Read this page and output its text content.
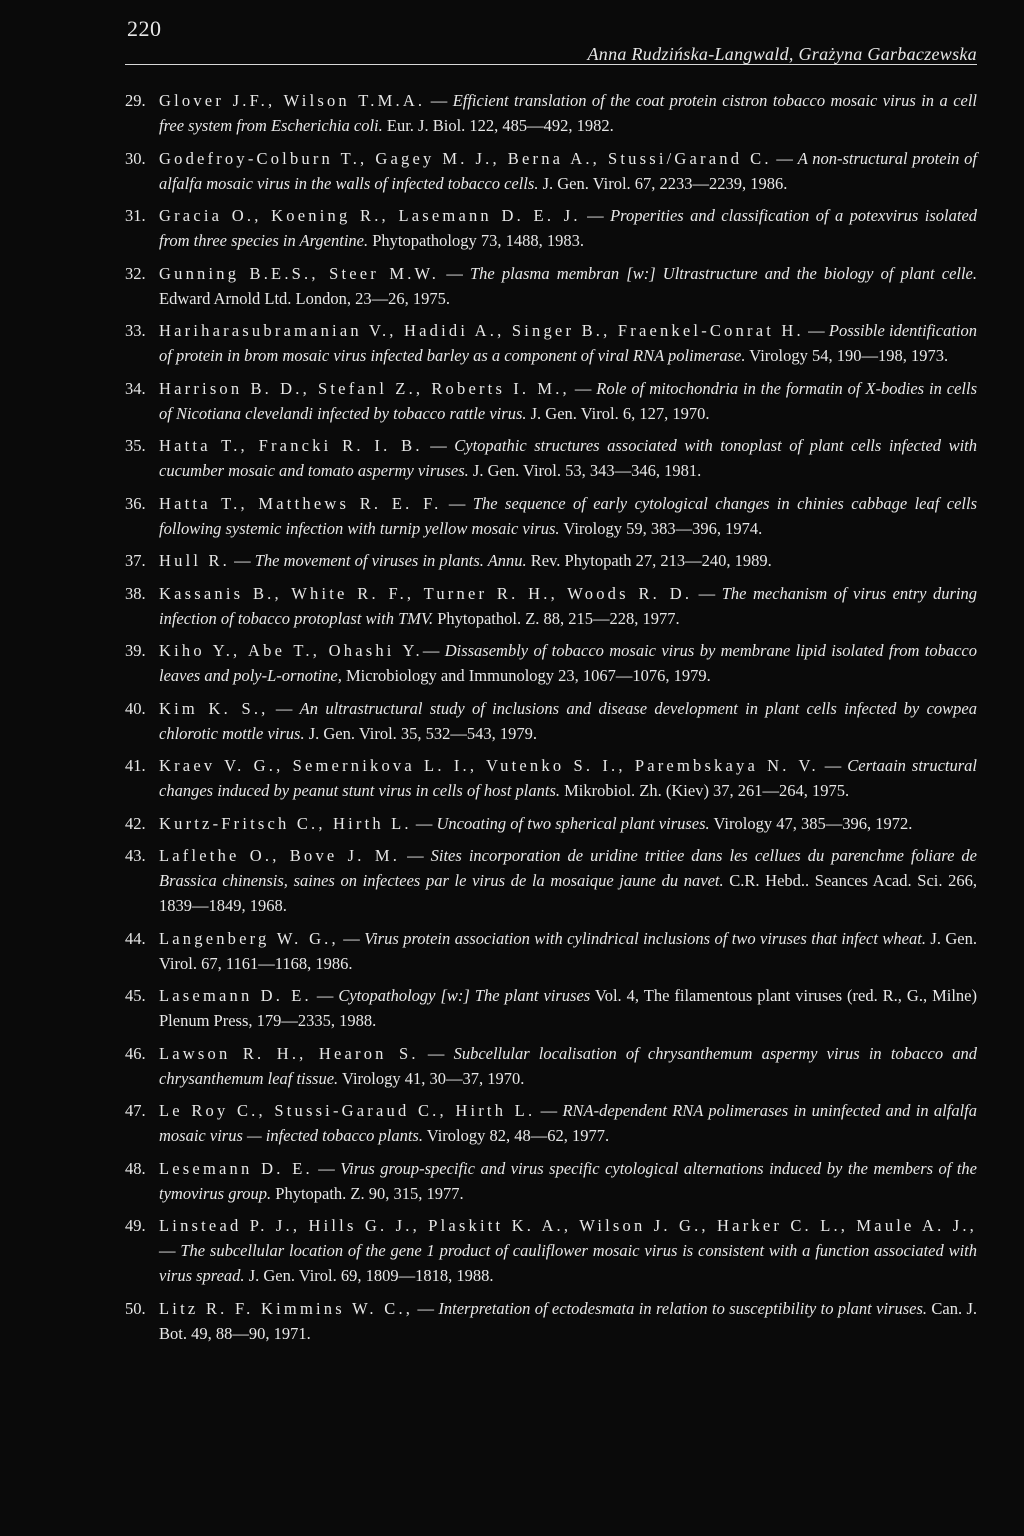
220
Anna Rudzińska-Langwald, Grażyna Garbaczewska
29. Glover J.F., Wilson T.M.A. — Efficient translation of the coat protein cistron tobacco mosaic virus in a cell free system from Escherichia coli. Eur. J. Biol. 122, 485—492, 1982.
30. Godefroy-Colburn T., Gagey M. J., Berna A., Stussi/Garand C. — A non-structural protein of alfalfa mosaic virus in the walls of infected tobacco cells. J. Gen. Virol. 67, 2233—2239, 1986.
31. Gracia O., Koening R., Lasemann D. E. J. — Properities and classification of a potexvirus isolated from three species in Argentine. Phytopathology 73, 1488, 1983.
32. Gunning B.E.S., Steer M.W. — The plasma membran [w:] Ultrastructure and the biology of plant celle. Edward Arnold Ltd. London, 23—26, 1975.
33. Hariharasubramanian V., Hadidi A., Singer B., Fraenkel-Conrat H. — Possible identification of protein in brom mosaic virus infected barley as a component of viral RNA polimerase. Virology 54, 190—198, 1973.
34. Harrison B. D., Stefanl Z., Roberts I. M., — Role of mitochondria in the formatin of X-bodies in cells of Nicotiana clevelandi infected by tobacco rattle virus. J. Gen. Virol. 6, 127, 1970.
35. Hatta T., Francki R. I. B. — Cytopathic structures associated with tonoplast of plant cells infected with cucumber mosaic and tomato aspermy viruses. J. Gen. Virol. 53, 343—346, 1981.
36. Hatta T., Matthews R. E. F. — The sequence of early cytological changes in chinies cabbage leaf cells following systemic infection with turnip yellow mosaic virus. Virology 59, 383—396, 1974.
37. Hull R. — The movement of viruses in plants. Annu. Rev. Phytopath 27, 213—240, 1989.
38. Kassanis B., White R. F., Turner R. H., Woods R. D. — The mechanism of virus entry during infection of tobacco protoplast with TMV. Phytopathol. Z. 88, 215—228, 1977.
39. Kiho Y., Abe T., Ohashi Y.— Dissasembly of tobacco mosaic virus by membrane lipid isolated from tobacco leaves and poly-L-ornotine, Microbiology and Immunology 23, 1067—1076, 1979.
40. Kim K. S., — An ultrastructural study of inclusions and disease development in plant cells infected by cowpea chlorotic mottle virus. J. Gen. Virol. 35, 532—543, 1979.
41. Kraev V. G., Semernikova L. I., Vutenko S. I., Parembskaya N. V. — Certaain structural changes induced by peanut stunt virus in cells of host plants. Mikrobiol. Zh. (Kiev) 37, 261—264, 1975.
42. Kurtz-Fritsch C., Hirth L. — Uncoating of two spherical plant viruses. Virology 47, 385—396, 1972.
43. Laflethe O., Bove J. M. — Sites incorporation de uridine tritiee dans les cellues du parenchme foliare de Brassica chinensis, saines on infectees par le virus de la mosaique jaune du navet. C.R. Hebd.. Seances Acad. Sci. 266, 1839—1849, 1968.
44. Langenberg W. G., — Virus protein association with cylindrical inclusions of two viruses that infect wheat. J. Gen. Virol. 67, 1161—1168, 1986.
45. Lasemann D. E. — Cytopathology [w:] The plant viruses Vol. 4, The filamentous plant viruses (red. R., G., Milne) Plenum Press, 179—2335, 1988.
46. Lawson R. H., Hearon S. — Subcellular localisation of chrysanthemum aspermy virus in tobacco and chrysanthemum leaf tissue. Virology 41, 30—37, 1970.
47. Le Roy C., Stussi-Garaud C., Hirth L. — RNA-dependent RNA polimerases in uninfected and in alfalfa mosaic virus — infected tobacco plants. Virology 82, 48—62, 1977.
48. Lesemann D. E. — Virus group-specific and virus specific cytological alternations induced by the members of the tymovirus group. Phytopath. Z. 90, 315, 1977.
49. Linstead P. J., Hills G. J., Plaskitt K. A., Wilson J. G., Harker C. L., Maule A. J., — The subcellular location of the gene 1 product of cauliflower mosaic virus is consistent with a function associated with virus spread. J. Gen. Virol. 69, 1809—1818, 1988.
50. Litz R. F. Kimmins W. C., — Interpretation of ectodesmata in relation to susceptibility to plant viruses. Can. J. Bot. 49, 88—90, 1971.
